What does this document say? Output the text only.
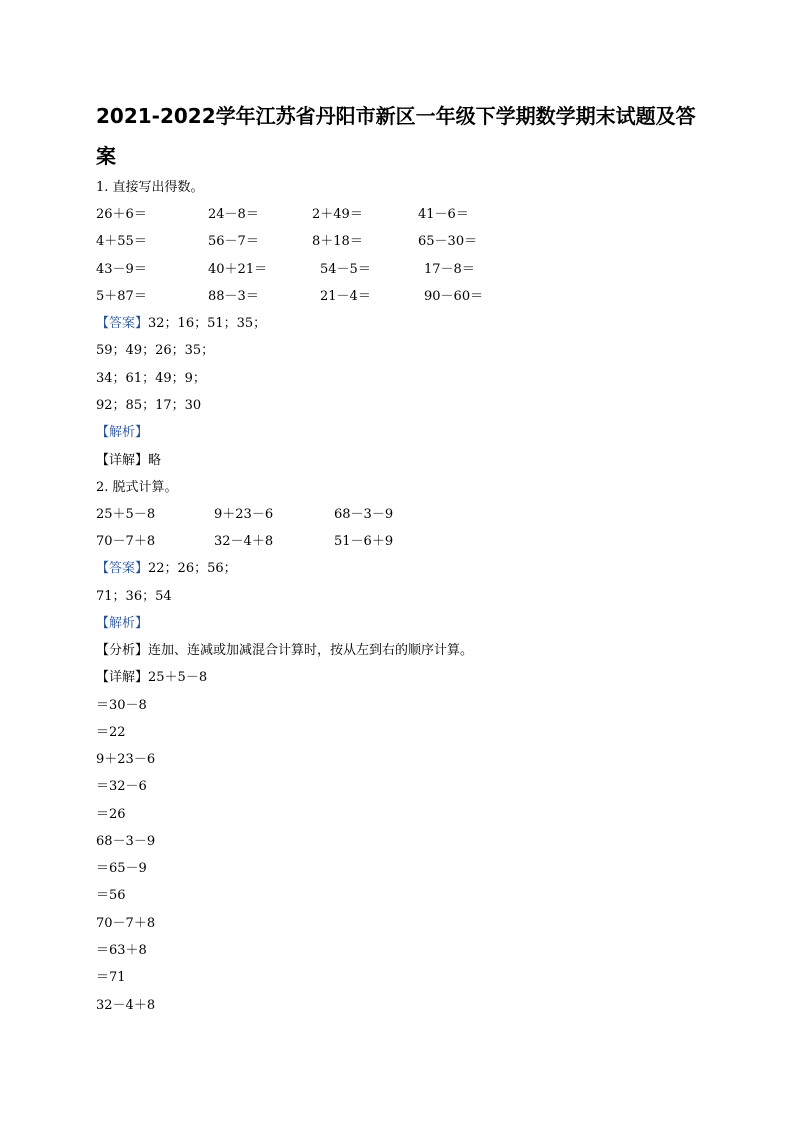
2021-2022学年江苏省丹阳市新区一年级下学期数学期末试题及答案
1. 直接写出得数。
26＋6＝	24－8＝	2＋49＝	41－6＝
4＋55＝	56－7＝	8＋18＝	65－30＝
43－9＝	40＋21＝	54－5＝	17－8＝
5＋87＝	88－3＝	21－4＝	90－60＝
【答案】32；16；51；35；
59；49；26；35；
34；61；49；9；
92；85；17；30
【解析】
【详解】略
2. 脱式计算。
25＋5－8	9＋23－6	68－3－9
70－7＋8	32－4＋8	51－6＋9
【答案】22；26；56；
71；36；54
【解析】
【分析】连加、连减或加减混合计算时，按从左到右的顺序计算。
【详解】25＋5－8
＝30－8
＝22
9＋23－6
＝32－6
＝26
68－3－9
＝65－9
＝56
70－7＋8
＝63＋8
＝71
32－4＋8
